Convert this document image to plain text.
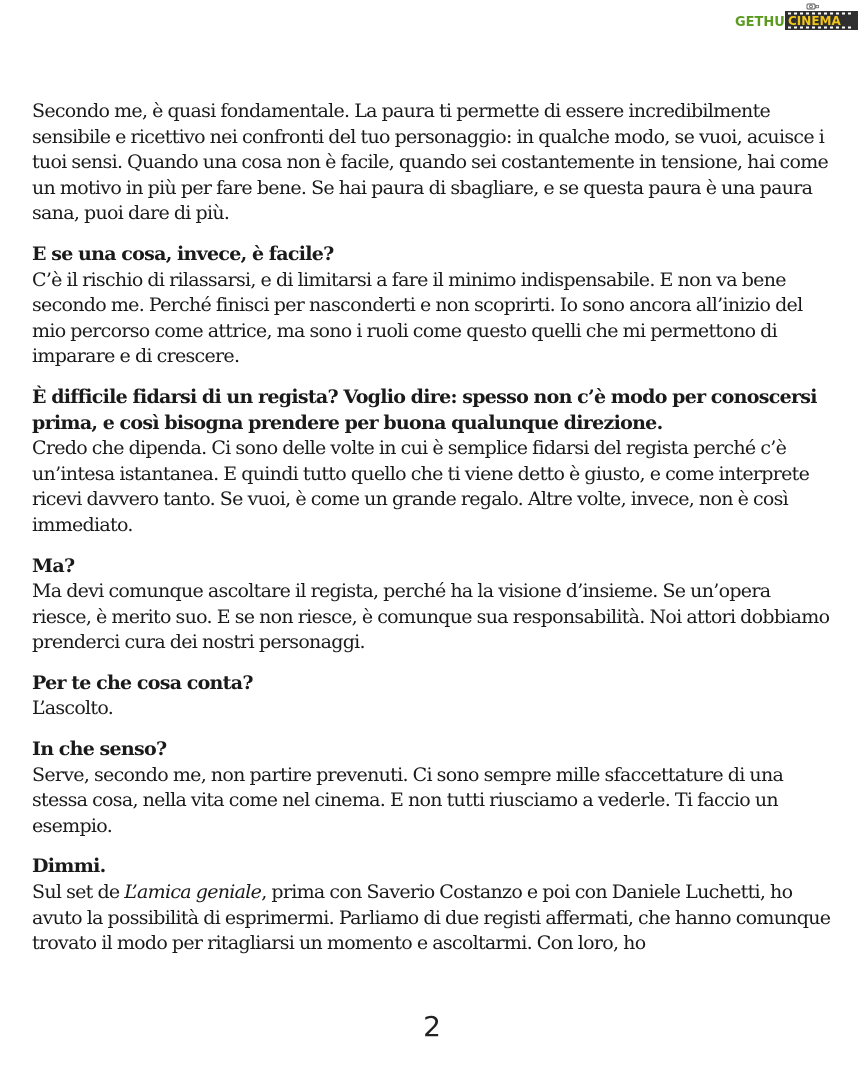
GETHU CINEMA

Secondo me, è quasi fondamentale. La paura ti permette di essere incredibilmente sensibile e ricettivo nei confronti del tuo personaggio: in qualche modo, se vuoi, acuisce i tuoi sensi. Quando una cosa non è facile, quando sei costantemente in tensione, hai come un motivo in più per fare bene. Se hai paura di sbagliare, e se questa paura è una paura sana, puoi dare di più.

E se una cosa, invece, è facile?
C’è il rischio di rilassarsi, e di limitarsi a fare il minimo indispensabile. E non va bene secondo me. Perché finisci per nasconderti e non scoprirti. Io sono ancora all’inizio del mio percorso come attrice, ma sono i ruoli come questo quelli che mi permettono di imparare e di crescere.
È difficile fidarsi di un regista? Voglio dire: spesso non c’è modo per conoscersi prima, e così bisogna prendere per buona qualunque direzione.
Credo che dipenda. Ci sono delle volte in cui è semplice fidarsi del regista perché c’è un’intesa istantanea. E quindi tutto quello che ti viene detto è giusto, e come interprete ricevi davvero tanto. Se vuoi, è come un grande regalo. Altre volte, invece, non è così immediato.
Ma?
Ma devi comunque ascoltare il regista, perché ha la visione d’insieme. Se un’opera riesce, è merito suo. E se non riesce, è comunque sua responsabilità. Noi attori dobbiamo prenderci cura dei nostri personaggi.
Per te che cosa conta?
L’ascolto.
In che senso?
Serve, secondo me, non partire prevenuti. Ci sono sempre mille sfaccettature di una stessa cosa, nella vita come nel cinema. E non tutti riusciamo a vederle. Ti faccio un esempio.
Dimmi.
Sul set de L’amica geniale, prima con Saverio Costanzo e poi con Daniele Luchetti, ho avuto la possibilità di esprimermi. Parliamo di due registi affermati, che hanno comunque trovato il modo per ritagliarsi un momento e ascoltarmi. Con loro, ho
2
